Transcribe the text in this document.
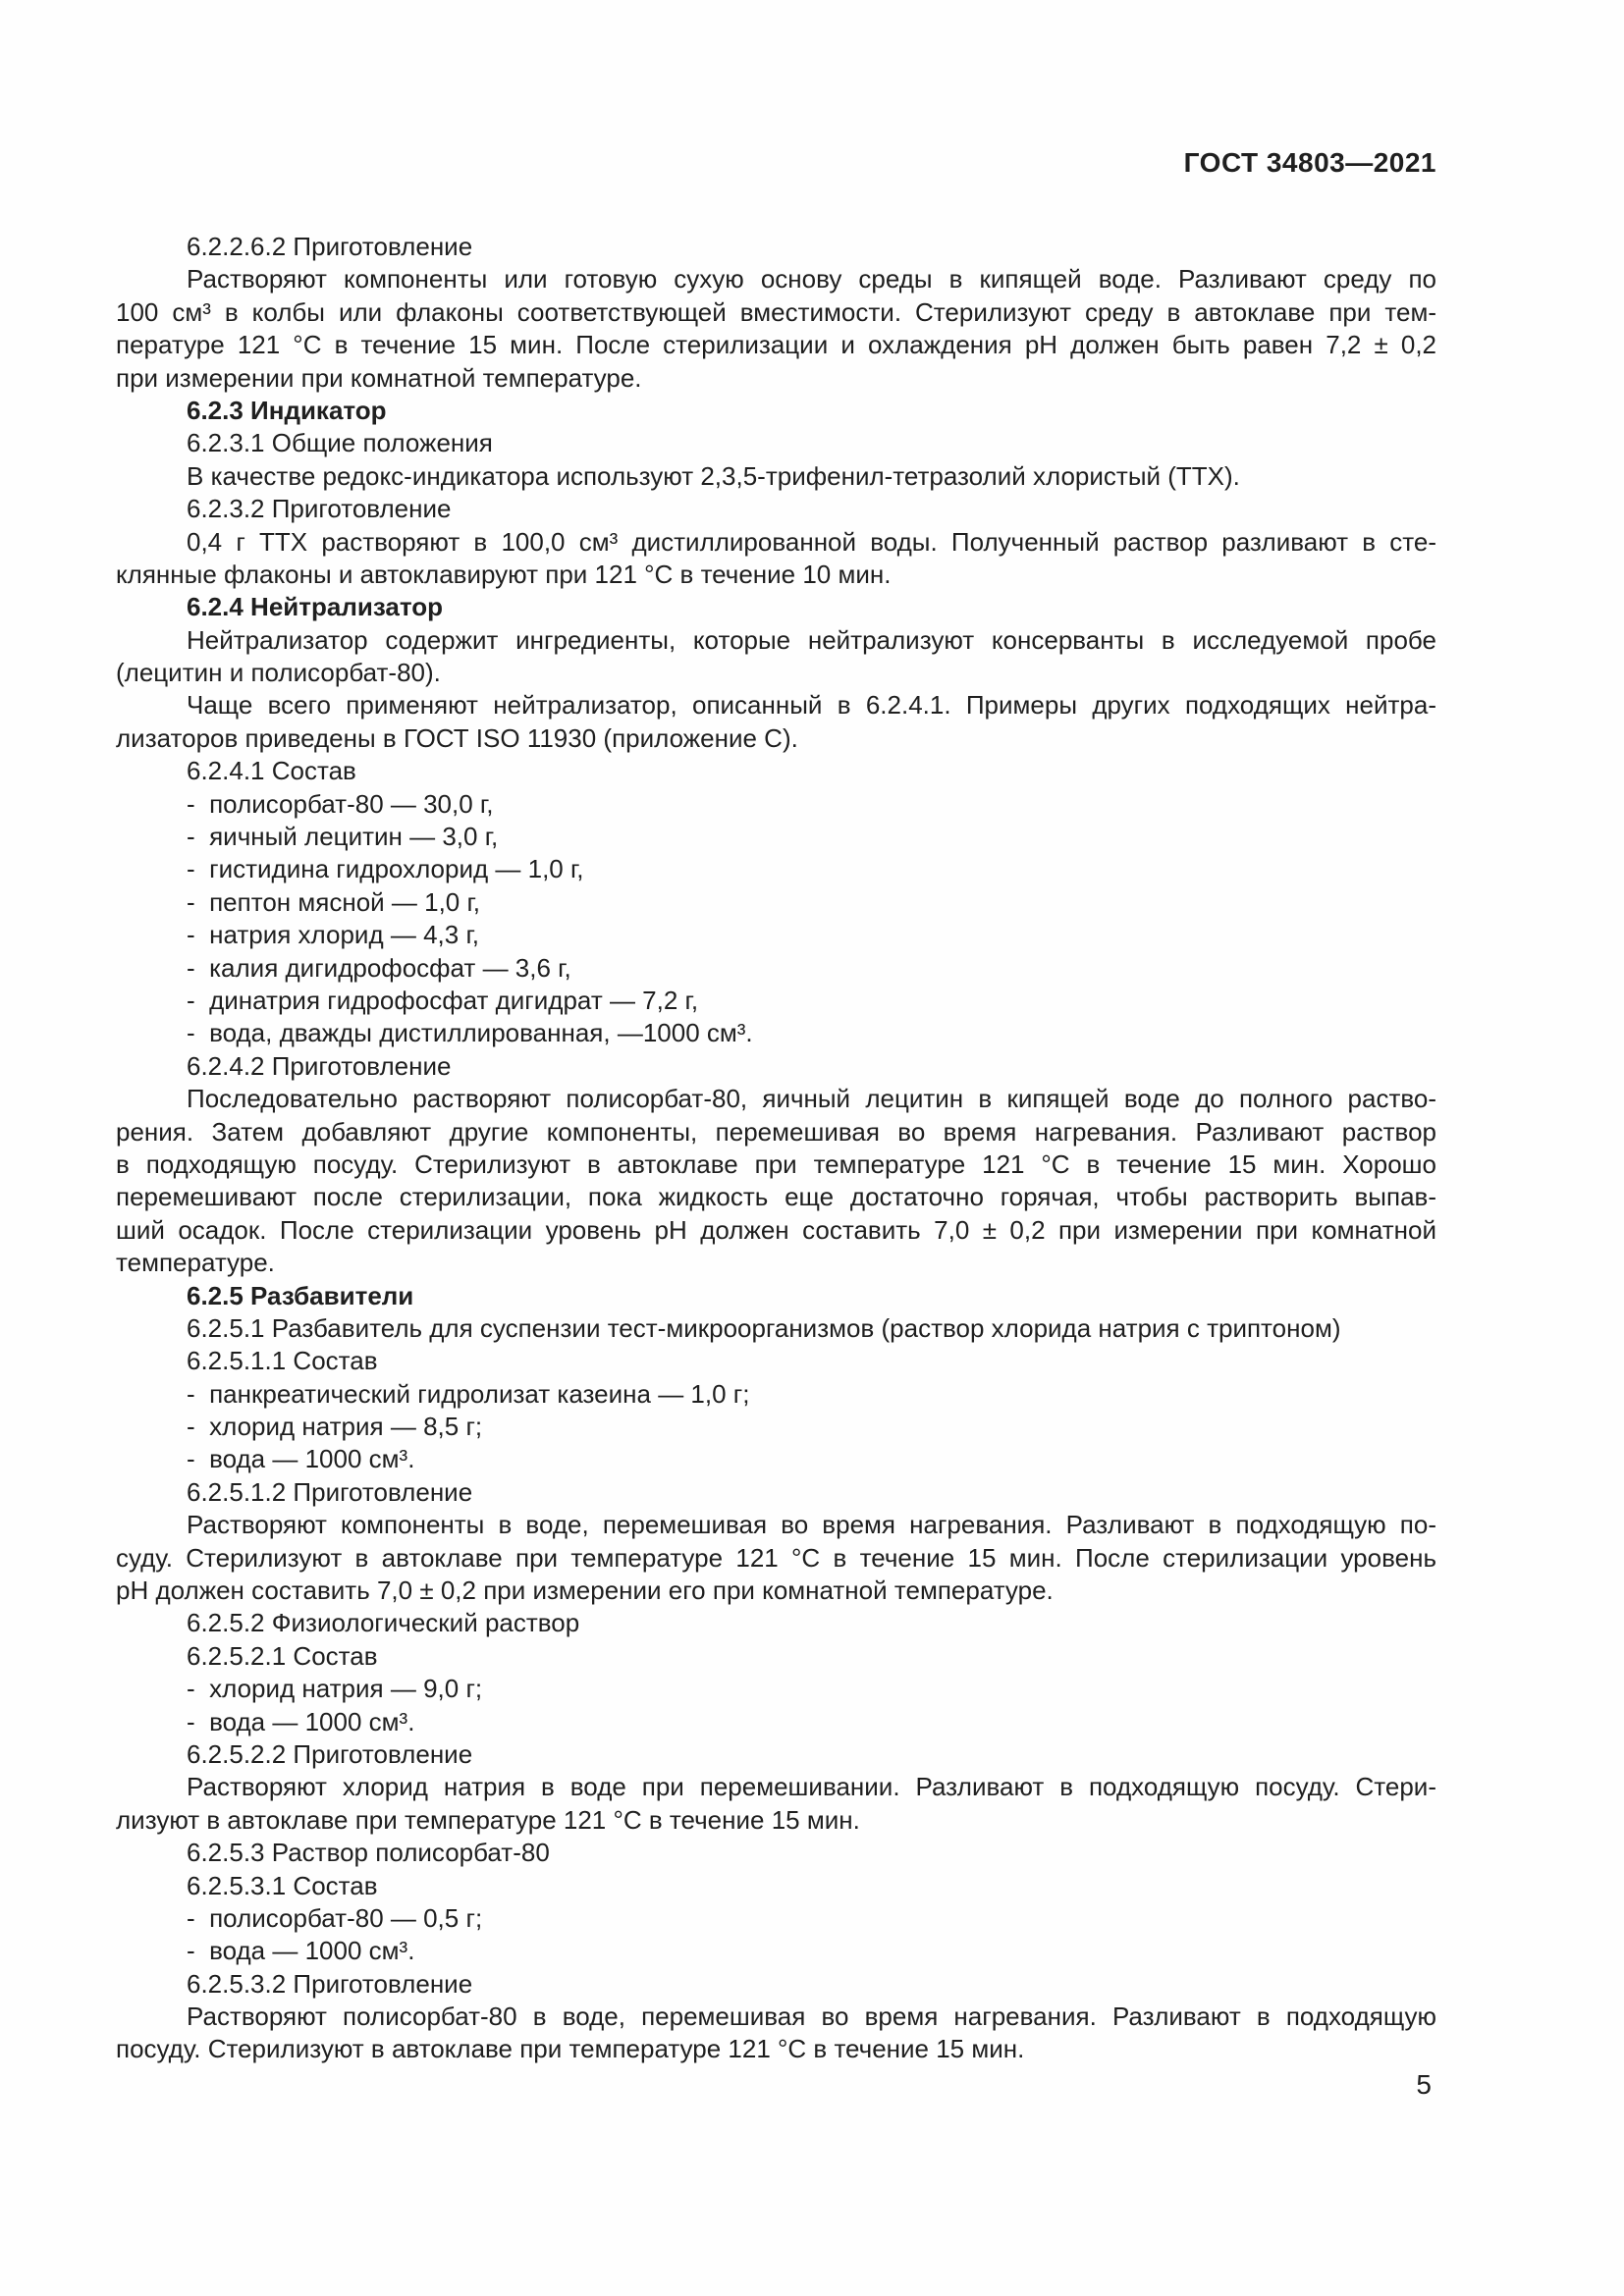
ГОСТ 34803—2021
6.2.2.6.2 Приготовление
Растворяют компоненты или готовую сухую основу среды в кипящей воде. Разливают среду по
100 см³ в колбы или флаконы соответствующей вместимости. Стерилизуют среду в автоклаве при тем-
пературе 121 °С в течение 15 мин. После стерилизации и охлаждения pH должен быть равен 7,2 ± 0,2
при измерении при комнатной температуре.
6.2.3 Индикатор
6.2.3.1 Общие положения
В качестве редокс-индикатора используют 2,3,5-трифенил-тетразолий хлористый (ТТХ).
6.2.3.2 Приготовление
0,4 г ТТХ растворяют в 100,0 см³ дистиллированной воды. Полученный раствор разливают в сте-
клянные флаконы и автоклавируют при 121 °С в течение 10 мин.
6.2.4 Нейтрализатор
Нейтрализатор содержит ингредиенты, которые нейтрализуют консерванты в исследуемой пробе
(лецитин и полисорбат-80).
Чаще всего применяют нейтрализатор, описанный в 6.2.4.1. Примеры других подходящих нейтра-
лизаторов приведены в ГОСТ ISO 11930 (приложение С).
6.2.4.1 Состав
-  полисорбат-80 — 30,0 г,
-  яичный лецитин — 3,0 г,
-  гистидина гидрохлорид — 1,0 г,
-  пептон мясной — 1,0 г,
-  натрия хлорид — 4,3 г,
-  калия дигидрофосфат — 3,6 г,
-  динатрия гидрофосфат дигидрат — 7,2 г,
-  вода, дважды дистиллированная, —1000 см³.
6.2.4.2 Приготовление
Последовательно растворяют полисорбат-80, яичный лецитин в кипящей воде до полного раство-
рения. Затем добавляют другие компоненты, перемешивая во время нагревания. Разливают раствор
в подходящую посуду. Стерилизуют в автоклаве при температуре 121 °С в течение 15 мин. Хорошо
перемешивают после стерилизации, пока жидкость еще достаточно горячая, чтобы растворить выпав-
ший осадок. После стерилизации уровень pH должен составить 7,0 ± 0,2 при измерении при комнатной
температуре.
6.2.5 Разбавители
6.2.5.1 Разбавитель для суспензии тест-микроорганизмов (раствор хлорида натрия с триптоном)
6.2.5.1.1 Состав
-  панкреатический гидролизат казеина — 1,0 г;
-  хлорид натрия — 8,5 г;
-  вода — 1000 см³.
6.2.5.1.2 Приготовление
Растворяют компоненты в воде, перемешивая во время нагревания. Разливают в подходящую по-
суду. Стерилизуют в автоклаве при температуре 121 °С в течение 15 мин. После стерилизации уровень
pH должен составить 7,0 ± 0,2 при измерении его при комнатной температуре.
6.2.5.2 Физиологический раствор
6.2.5.2.1 Состав
-  хлорид натрия — 9,0 г;
-  вода — 1000 см³.
6.2.5.2.2 Приготовление
Растворяют хлорид натрия в воде при перемешивании. Разливают в подходящую посуду. Стери-
лизуют в автоклаве при температуре 121 °С в течение 15 мин.
6.2.5.3 Раствор полисорбат-80
6.2.5.3.1 Состав
-  полисорбат-80 — 0,5 г;
-  вода — 1000 см³.
6.2.5.3.2 Приготовление
Растворяют полисорбат-80 в воде, перемешивая во время нагревания. Разливают в подходящую
посуду. Стерилизуют в автоклаве при температуре 121 °С в течение 15 мин.
5
